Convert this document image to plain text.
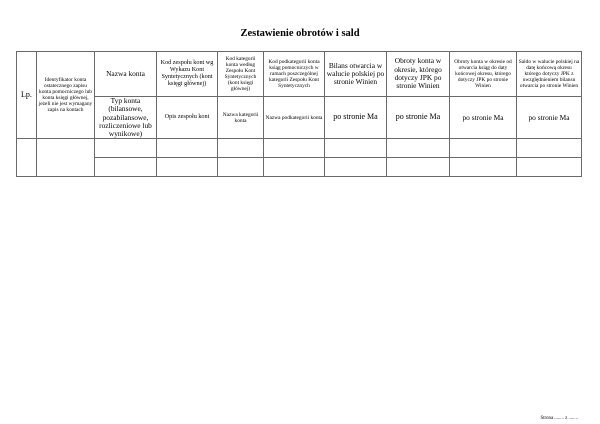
Zestawienie obrotów i sald
Lp.	Identyfikator konta ostatecznego zapisu konta pomocniczego lub konta księgi głównej, jeżeli nie jest wymagany zapis na kontach	Nazwa konta	Kod zespołu kont wg Wykazu Kont Syntetycznych (kont księgi głównej)	Kod kategorii konta według Zespołu Kont Syntetycznych (kont księgi głównej)	Kod podkategorii konta ksiąg pomocniczych w ramach poszczególnej kategorii Zespołu Kont Syntetycznych	Bilans otwarcia w walucie polskiej po stronie Winien	Obroty konta w okresie, którego dotyczy JPK po stronie Winien	Obroty konta w okresie od otwarcia ksiąg do daty końcowej okresu, którego dotyczy JPK po stronie Winien	Saldo w walucie polskiej na datę końcową okresu którego dotyczy JPK z uwzględnieniem bilansu otwarcia po stronie Winien
		Typ konta (bilansowe, pozabilansowe, rozliczeniowe lub wynikowe)	Opis zespołu kont	Nazwa kategorii konta	Nazwa podkategorii konta	po stronie Ma	po stronie Ma	po stronie Ma	po stronie Ma

Strona ........ z ........
